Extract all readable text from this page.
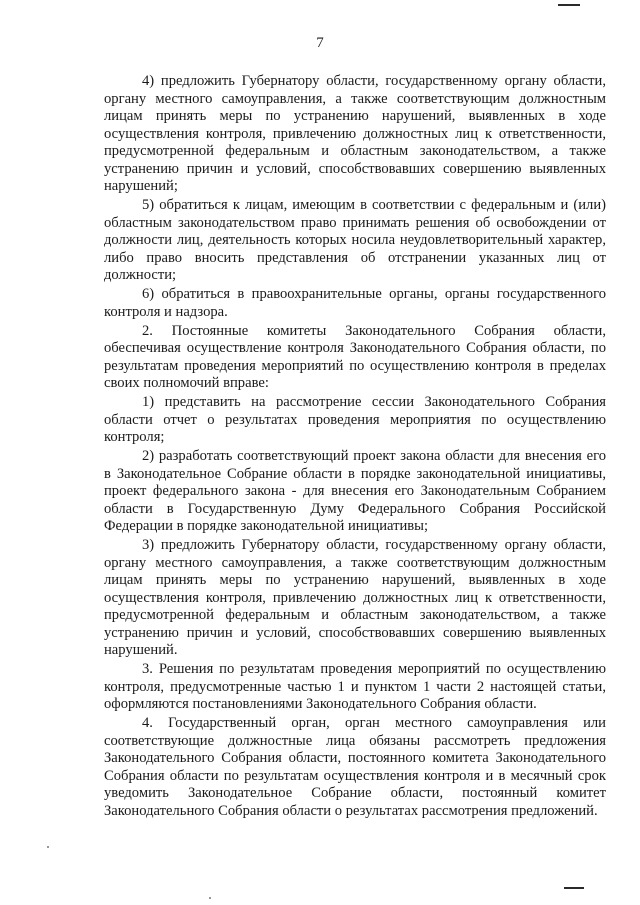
7

4) предложить Губернатору области, государственному органу области, органу местного самоуправления, а также соответствующим должностным лицам принять меры по устранению нарушений, выявленных в ходе осуществления контроля, привлечению должностных лиц к ответственности, предусмотренной федеральным и областным законодательством, а также устранению причин и условий, способствовавших совершению выявленных нарушений;

5) обратиться к лицам, имеющим в соответствии с федеральным и (или) областным законодательством право принимать решения об освобождении от должности лиц, деятельность которых носила неудовлетворительный характер, либо право вносить представления об отстранении указанных лиц от должности;

6) обратиться в правоохранительные органы, органы государственного контроля и надзора.

2. Постоянные комитеты Законодательного Собрания области, обеспечивая осуществление контроля Законодательного Собрания области, по результатам проведения мероприятий по осуществлению контроля в пределах своих полномочий вправе:

1) представить на рассмотрение сессии Законодательного Собрания области отчет о результатах проведения мероприятия по осуществлению контроля;

2) разработать соответствующий проект закона области для внесения его в Законодательное Собрание области в порядке законодательной инициативы, проект федерального закона - для внесения его Законодательным Собранием области в Государственную Думу Федерального Собрания Российской Федерации в порядке законодательной инициативы;

3) предложить Губернатору области, государственному органу области, органу местного самоуправления, а также соответствующим должностным лицам принять меры по устранению нарушений, выявленных в ходе осуществления контроля, привлечению должностных лиц к ответственности, предусмотренной федеральным и областным законодательством, а также устранению причин и условий, способствовавших совершению выявленных нарушений.

3. Решения по результатам проведения мероприятий по осуществлению контроля, предусмотренные частью 1 и пунктом 1 части 2 настоящей статьи, оформляются постановлениями Законодательного Собрания области.

4. Государственный орган, орган местного самоуправления или соответствующие должностные лица обязаны рассмотреть предложения Законодательного Собрания области, постоянного комитета Законодательного Собрания области по результатам осуществления контроля и в месячный срок уведомить Законодательное Собрание области, постоянный комитет Законодательного Собрания области о результатах рассмотрения предложений.
